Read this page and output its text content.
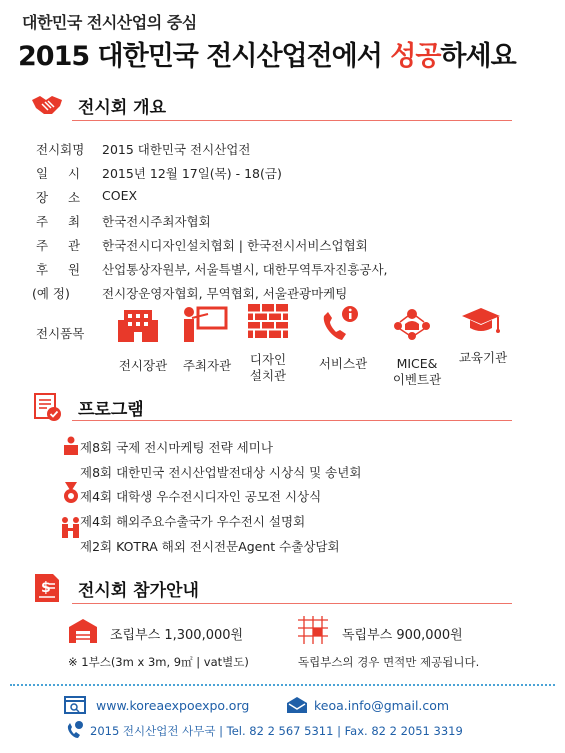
대한민국 전시산업의 중심
2015 대한민국 전시산업전에서 성공하세요
전시회 개요
전시회명	2015 대한민국 전시산업전
일 시	2015년 12월 17일(목) - 18(금)
장 소	COEX
주 최	한국전시주최자협회
주 관	한국전시디자인설치협회 | 한국전시서비스업협회
후 원	산업통상자원부, 서울특별시, 대한무역투자진흥공사,
(예 정)	전시장운영자협회, 무역협회, 서울관광마케팅
전시품목
전시장관	주최자관	디자인
설치관
서비스관	MICE&
이벤트관
교육기관
프로그램
제8회 국제 전시마케팅 전략 세미나
제8회 대한민국 전시산업발전대상 시상식 및 송년회
제4회 대학생 우수전시디자인 공모전 시상식
제4회 해외주요수출국가 우수전시 설명회
제2회 KOTRA 해외 전시전문Agent 수출상담회
$ 전시회 참가안내
조립부스 1,300,000원	독립부스 900,000원
※ 1부스(3m x 3m, 9㎡ | vat별도)	독립부스의 경우 면적만 제공됩니다.
www.koreaexpoexpo.org	keoa.info@gmail.com
2015 전시산업전 사무국 | Tel. 82 2 567 5311 | Fax. 82 2 2051 3319
